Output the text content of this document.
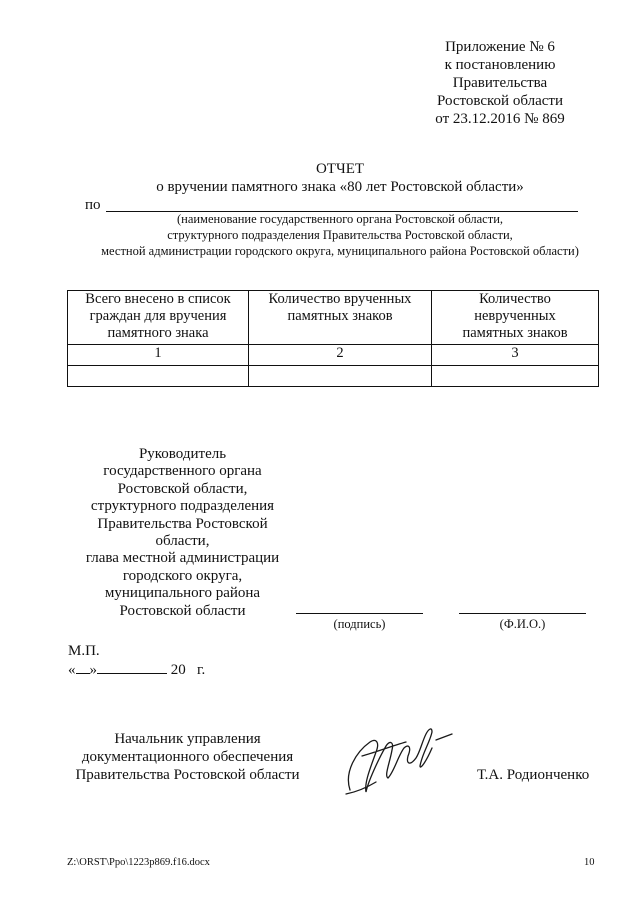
Приложение № 6
к постановлению
Правительства
Ростовской области
от 23.12.2016 № 869
ОТЧЕТ
о вручении памятного знака «80 лет Ростовской области»
по
(наименование государственного органа Ростовской области,
структурного подразделения Правительства Ростовской области,
местной администрации городского округа, муниципального района Ростовской области)
Всего внесено в список граждан для вручения памятного знака	Количество врученных памятных знаков	Количество неврученных памятных знаков

1	2	3

Руководитель
государственного органа
Ростовской области,
структурного подразделения
Правительства Ростовской
области,
глава местной администрации
городского округа,
муниципального района
Ростовской области
(подпись)	(Ф.И.О.)
М.П.
« »	20 г.
Начальник управления
документационного обеспечения
Правительства Ростовской области	Т.А. Родионченко
Z:\ORST\Ppo\1223p869.f16.docx	10
